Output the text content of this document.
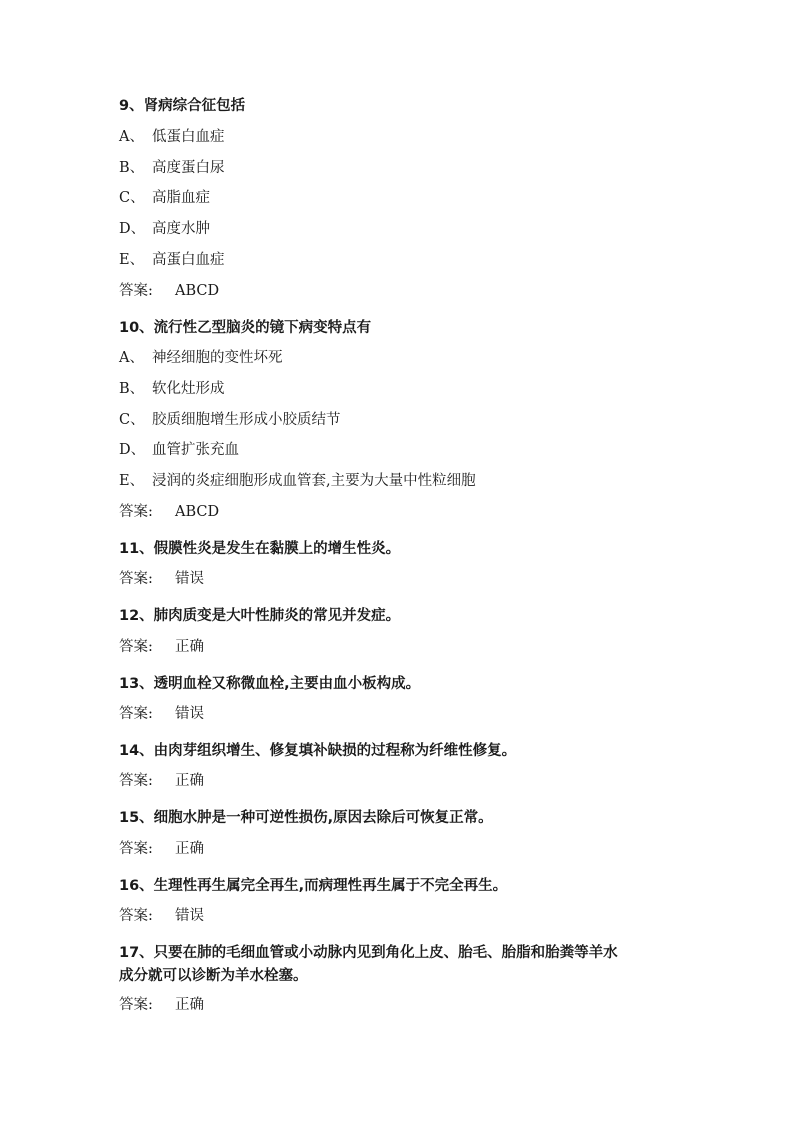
9、肾病综合征包括
A、 低蛋白血症
B、 高度蛋白尿
C、 高脂血症
D、 高度水肿
E、 高蛋白血症
答案: ABCD
10、流行性乙型脑炎的镜下病变特点有
A、 神经细胞的变性坏死
B、 软化灶形成
C、 胶质细胞增生形成小胶质结节
D、 血管扩张充血
E、 浸润的炎症细胞形成血管套,主要为大量中性粒细胞
答案: ABCD
11、假膜性炎是发生在黏膜上的增生性炎。
答案: 错误
12、肺肉质变是大叶性肺炎的常见并发症。
答案: 正确
13、透明血栓又称微血栓,主要由血小板构成。
答案: 错误
14、由肉芽组织增生、修复填补缺损的过程称为纤维性修复。
答案: 正确
15、细胞水肿是一种可逆性损伤,原因去除后可恢复正常。
答案: 正确
16、生理性再生属完全再生,而病理性再生属于不完全再生。
答案: 错误
17、只要在肺的毛细血管或小动脉内见到角化上皮、胎毛、胎脂和胎粪等羊水
成分就可以诊断为羊水栓塞。
答案: 正确
